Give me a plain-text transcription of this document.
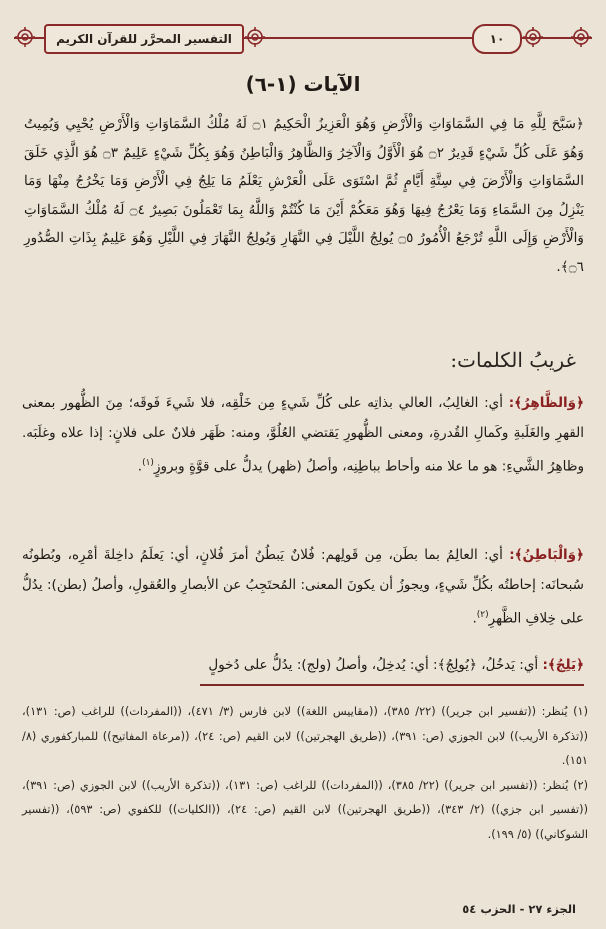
التفسير المحرَّر للقرآن الكريم	١٠
الآيات (١-٦)
﴿سَبَّحَ لِلَّهِ مَا فِي السَّمَاوَاتِ وَالْأَرْضِ وَهُوَ الْعَزِيزُ الْحَكِيمُ ۝١ لَهُ مُلْكُ السَّمَاوَاتِ وَالْأَرْضِ يُحْيِي وَيُمِيتُ وَهُوَ عَلَى كُلِّ شَيْءٍ قَدِيرٌ ۝٢ هُوَ الْأَوَّلُ وَالْآخِرُ وَالظَّاهِرُ وَالْبَاطِنُ وَهُوَ بِكُلِّ شَيْءٍ عَلِيمٌ ۝٣ هُوَ الَّذِي خَلَقَ السَّمَاوَاتِ وَالْأَرْضَ فِي سِتَّةِ أَيَّامٍ ثُمَّ اسْتَوَى عَلَى الْعَرْشِ يَعْلَمُ مَا يَلِجُ فِي الْأَرْضِ وَمَا يَخْرُجُ مِنْهَا وَمَا يَنْزِلُ مِنَ السَّمَاءِ وَمَا يَعْرُجُ فِيهَا وَهُوَ مَعَكُمْ أَيْنَ مَا كُنْتُمْ وَاللَّهُ بِمَا تَعْمَلُونَ بَصِيرٌ ۝٤ لَهُ مُلْكُ السَّمَاوَاتِ وَالْأَرْضِ وَإِلَى اللَّهِ تُرْجَعُ الْأُمُورُ ۝٥ يُولِجُ اللَّيْلَ فِي النَّهَارِ وَيُولِجُ النَّهَارَ فِي اللَّيْلِ وَهُوَ عَلِيمٌ بِذَاتِ الصُّدُورِ ۝٦﴾.
غريبُ الكلمات:
﴿وَالظَّاهِرُ﴾: أي: الغالِبُ، العالي بذاتِه على كُلِّ شَيءٍ مِن خَلْقِه، فلا شَيءَ فَوقَه؛ مِنَ الظُّهور بمعنى القهرِ والغَلَبةِ وكَمالِ القُدرةِ، ومعنى الظُّهورِ يَقتضي العُلُوَّ، ومنه: ظَهَر فلانٌ على فلانٍ: إذا علاه وغلَبَه. وظاهِرُ الشَّيءِ: هو ما علا منه وأحاط بباطِنِه، وأصلُ (ظهر) يدلُّ على قوَّةٍ وبروزٍ$^{(١)}$.
﴿وَالْبَاطِنُ﴾: أي: العالِمُ بما بطَن، مِن قَولِهم: فُلانٌ يَبطُنُ أمرَ فُلانٍ، أي: يَعلَمُ داخِلةَ أمْرِه، وبُطونُه سُبحانَه: إحاطتُه بكُلِّ شَيءٍ، ويجوزُ أن يكونَ المعنى: المُحتَجِبُ عن الأبصارِ والعُقولِ، وأصلُ (بطن): يدُلُّ على خِلافِ الظَّهرِ$^{(٢)}$.
﴿يَلِجُ﴾: أي: يَدخُلُ، ﴿يُولِجُ﴾: أي: يُدخِلُ، وأصلُ (ولج): يدُلُّ على دُخولٍ

(١) يُنظر: ((تفسير ابن جرير)) (٢٢/ ٣٨٥)، ((مقاييس اللغة)) لابن فارس (٣/ ٤٧١)، ((المفردات)) للراغب (ص: ١٣١)، ((تذكرة الأريب)) لابن الجوزي (ص: ٣٩١)، ((طريق الهجرتين)) لابن القيم (ص: ٢٤)، ((مرعاة المفاتيح)) للمباركفوري (٨/ ١٥١).

(٢) يُنظر: ((تفسير ابن جرير)) (٢٢/ ٣٨٥)، ((المفردات)) للراغب (ص: ١٣١)، ((تذكرة الأريب)) لابن الجوزي (ص: ٣٩١)، ((تفسير ابن جزي)) (٢/ ٣٤٣)، ((طريق الهجرتين)) لابن القيم (ص: ٢٤)، ((الكليات)) للكفوي (ص: ٥٩٣)، ((تفسير الشوكاني)) (٥/ ١٩٩).

الجزء ٢٧ - الحزب ٥٤
